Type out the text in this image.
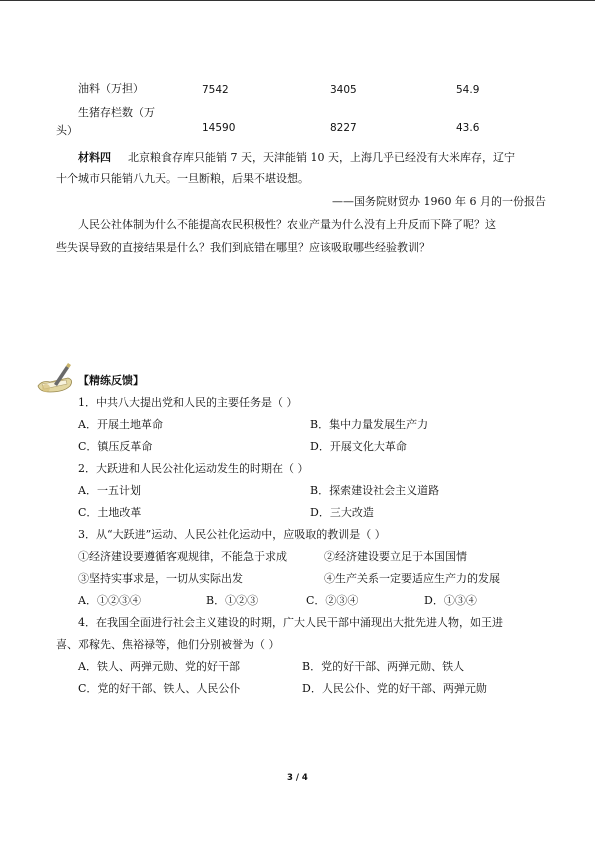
油料（万担）	7542	3405	54.9
生猪存栏数（万
头）	14590	8227	43.6
材料四 北京粮食存库只能销 7 天，天津能销 10 天，上海几乎已经没有大米库存，辽宁
十个城市只能销八九天。一旦断粮，后果不堪设想。
——国务院财贸办 1960 年 6 月的一份报告
人民公社体制为什么不能提高农民积极性？农业产量为什么没有上升反而下降了呢？这
些失误导致的直接结果是什么？我们到底错在哪里？应该吸取哪些经验教训？
【精练反馈】
1．中共八大提出党和人民的主要任务是（ ）
A．开展土地革命	B．集中力量发展生产力
C．镇压反革命	D．开展文化大革命
2．大跃进和人民公社化运动发生的时期在（ ）
A．一五计划	B．探索建设社会主义道路
C．土地改革	D．三大改造
3．从“大跃进”运动、人民公社化运动中，应吸取的教训是（ ）
①经济建设要遵循客观规律，不能急于求成	②经济建设要立足于本国国情
③坚持实事求是，一切从实际出发	④生产关系一定要适应生产力的发展
A．①②③④	B．①②③	C．②③④	D．①③④
4．在我国全面进行社会主义建设的时期，广大人民干部中涌现出大批先进人物，如王进
喜、邓稼先、焦裕禄等，他们分别被誉为（ ）
A．铁人、两弹元勋、党的好干部	B．党的好干部、两弹元勋、铁人
C．党的好干部、铁人、人民公仆	D．人民公仆、党的好干部、两弹元勋
3 / 4
